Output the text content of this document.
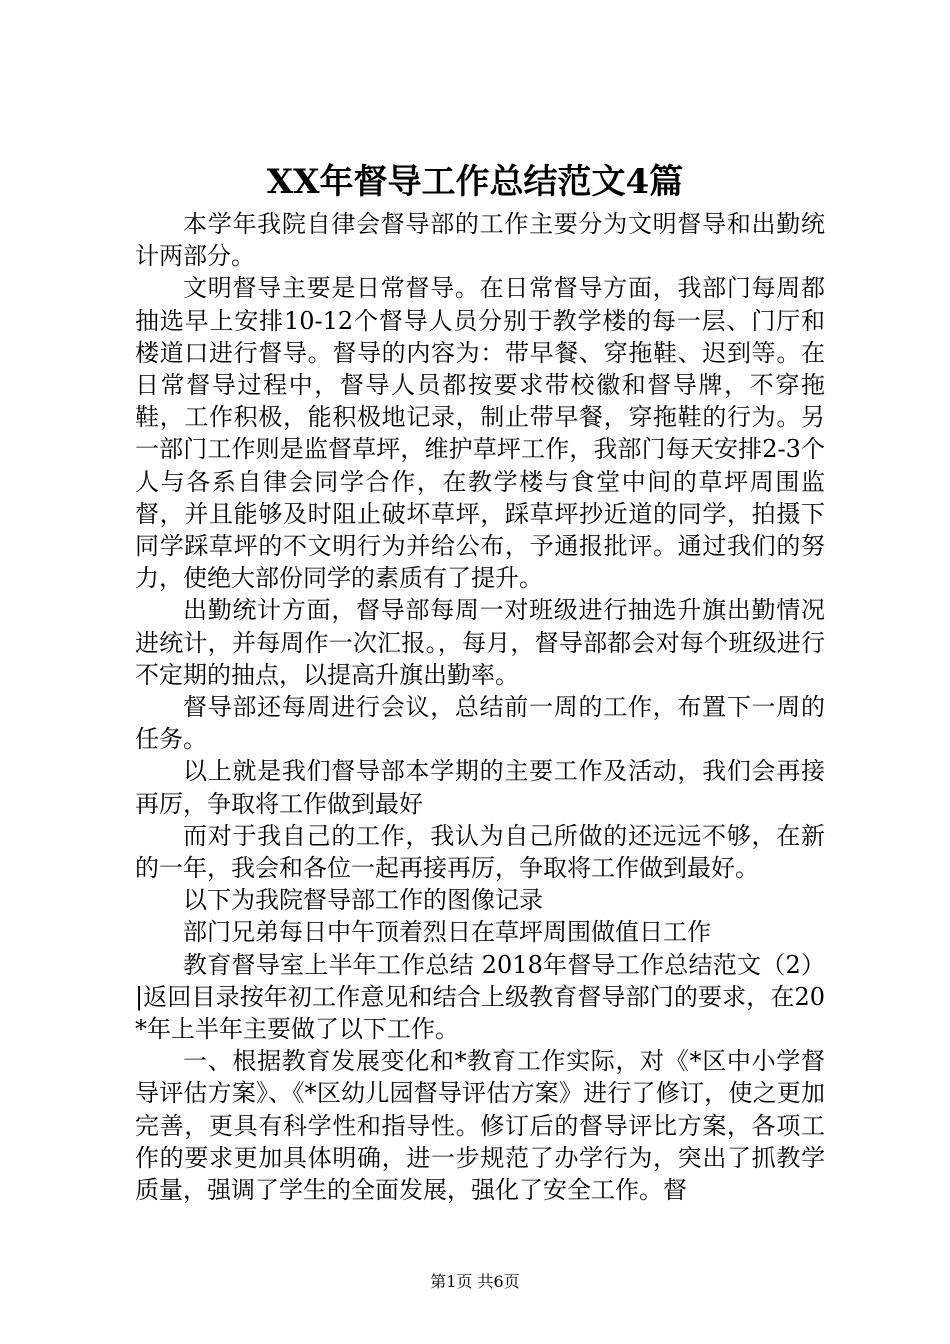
XX年督导工作总结范文4篇

本学年我院自律会督导部的工作主要分为文明督导和出勤统计两部分。

文明督导主要是日常督导。在日常督导方面，我部门每周都抽选早上安排10-12个督导人员分别于教学楼的每一层、门厅和楼道口进行督导。督导的内容为：带早餐、穿拖鞋、迟到等。在日常督导过程中，督导人员都按要求带校徽和督导牌，不穿拖鞋，工作积极，能积极地记录，制止带早餐，穿拖鞋的行为。另一部门工作则是监督草坪，维护草坪工作，我部门每天安排2-3个人与各系自律会同学合作，在教学楼与食堂中间的草坪周围监督，并且能够及时阻止破坏草坪，踩草坪抄近道的同学，拍摄下同学踩草坪的不文明行为并给公布，予通报批评。通过我们的努力，使绝大部份同学的素质有了提升。

出勤统计方面，督导部每周一对班级进行抽选升旗出勤情况进统计，并每周作一次汇报。，每月，督导部都会对每个班级进行不定期的抽点，以提高升旗出勤率。

督导部还每周进行会议，总结前一周的工作，布置下一周的任务。

以上就是我们督导部本学期的主要工作及活动，我们会再接再厉，争取将工作做到最好

而对于我自己的工作，我认为自己所做的还远远不够，在新的一年，我会和各位一起再接再厉，争取将工作做到最好。

以下为我院督导部工作的图像记录

部门兄弟每日中午顶着烈日在草坪周围做值日工作

教育督导室上半年工作总结 2018年督导工作总结范文（2）|返回目录按年初工作意见和结合上级教育督导部门的要求，在20*年上半年主要做了以下工作。

一、根据教育发展变化和*教育工作实际，对《*区中小学督导评估方案》、《*区幼儿园督导评估方案》进行了修订，使之更加完善，更具有科学性和指导性。修订后的督导评比方案，各项工作的要求更加具体明确，进一步规范了办学行为，突出了抓教学质量，强调了学生的全面发展，强化了安全工作。督

第1页 共6页
